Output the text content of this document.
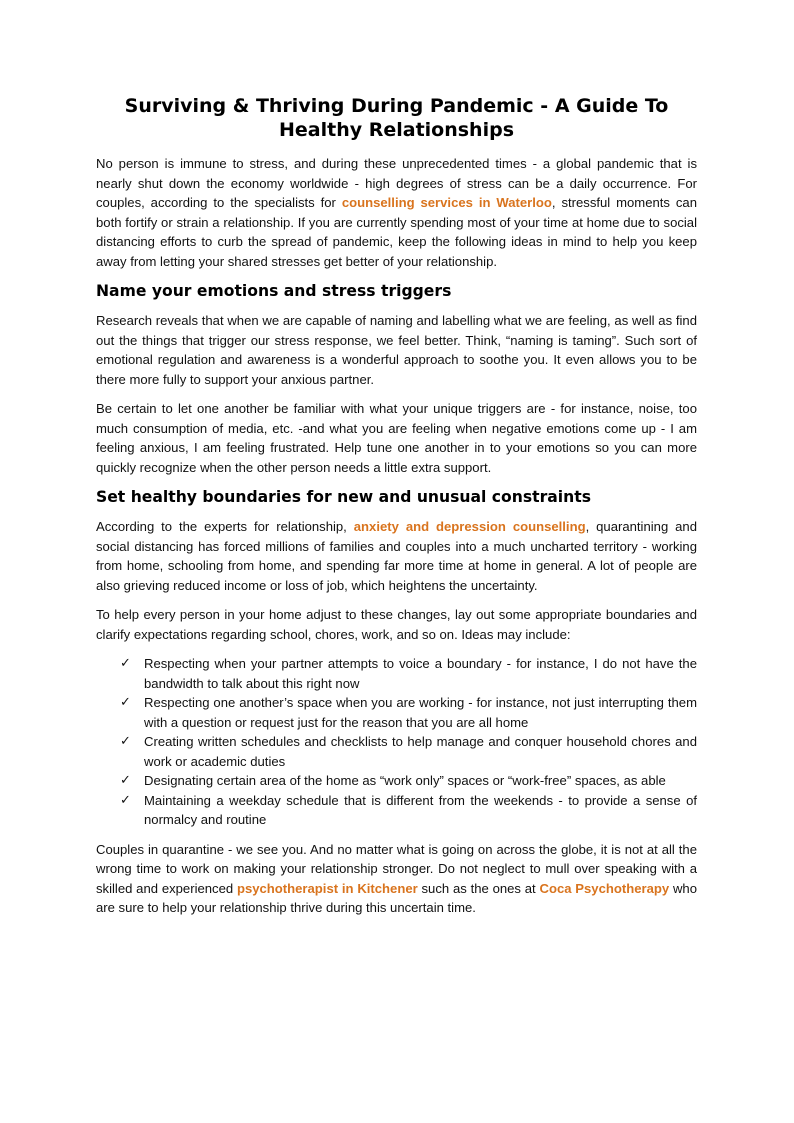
Surviving & Thriving During Pandemic - A Guide To Healthy Relationships

No person is immune to stress, and during these unprecedented times - a global pandemic that is nearly shut down the economy worldwide - high degrees of stress can be a daily occurrence. For couples, according to the specialists for counselling services in Waterloo, stressful moments can both fortify or strain a relationship. If you are currently spending most of your time at home due to social distancing efforts to curb the spread of pandemic, keep the following ideas in mind to help you keep away from letting your shared stresses get better of your relationship.

Name your emotions and stress triggers

Research reveals that when we are capable of naming and labelling what we are feeling, as well as find out the things that trigger our stress response, we feel better. Think, “naming is taming”. Such sort of emotional regulation and awareness is a wonderful approach to soothe you. It even allows you to be there more fully to support your anxious partner.

Be certain to let one another be familiar with what your unique triggers are - for instance, noise, too much consumption of media, etc. -and what you are feeling when negative emotions come up - I am feeling anxious, I am feeling frustrated. Help tune one another in to your emotions so you can more quickly recognize when the other person needs a little extra support.

Set healthy boundaries for new and unusual constraints

According to the experts for relationship, anxiety and depression counselling, quarantining and social distancing has forced millions of families and couples into a much uncharted territory - working from home, schooling from home, and spending far more time at home in general. A lot of people are also grieving reduced income or loss of job, which heightens the uncertainty.

To help every person in your home adjust to these changes, lay out some appropriate boundaries and clarify expectations regarding school, chores, work, and so on. Ideas may include:

✓ Respecting when your partner attempts to voice a boundary - for instance, I do not have the bandwidth to talk about this right now
✓ Respecting one another’s space when you are working - for instance, not just interrupting them with a question or request just for the reason that you are all home
✓ Creating written schedules and checklists to help manage and conquer household chores and work or academic duties
✓ Designating certain area of the home as “work only” spaces or “work-free” spaces, as able
✓ Maintaining a weekday schedule that is different from the weekends - to provide a sense of normalcy and routine

Couples in quarantine - we see you. And no matter what is going on across the globe, it is not at all the wrong time to work on making your relationship stronger. Do not neglect to mull over speaking with a skilled and experienced psychotherapist in Kitchener such as the ones at Coca Psychotherapy who are sure to help your relationship thrive during this uncertain time.
